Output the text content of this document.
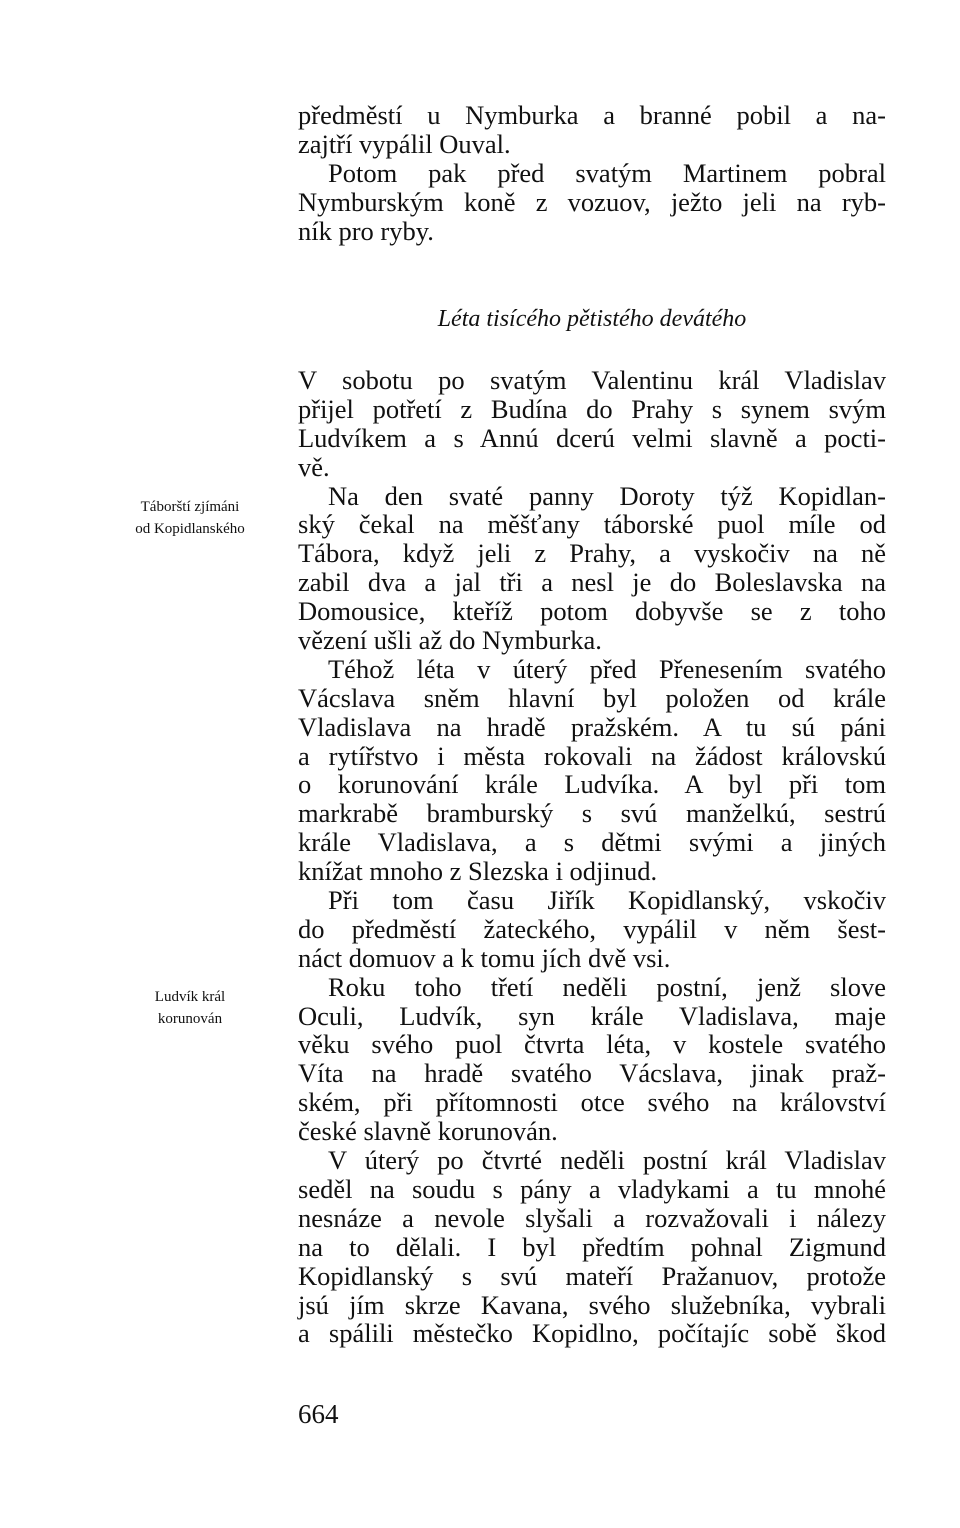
předměstí u Nymburka a branné pobil a na-
zajtří vypálil Ouval.
Potom pak před svatým Martinem pobral
Nymburským koně z vozuov, ježto jeli na ryb-
ník pro ryby.
Léta tisícého pětistého devátého
V sobotu po svatým Valentinu král Vladislav
přijel potřetí z Budína do Prahy s synem svým
Ludvíkem a s Annú dcerú velmi slavně a pocti-
vě.
Na den svaté panny Doroty týž Kopidlan-
ský čekal na měšťany táborské puol míle od
Tábora, když jeli z Prahy, a vyskočiv na ně
zabil dva a jal tři a nesl je do Boleslavska na
Domousice, kteříž potom dobyvše se z toho
vězení ušli až do Nymburka.
Téhož léta v úterý před Přenesením svatého
Vácslava sněm hlavní byl položen od krále
Vladislava na hradě pražském. A tu sú páni
a rytířstvo i města rokovali na žádost královskú
o korunování krále Ludvíka. A byl při tom
markrabě bramburský s svú manželkú, sestrú
krále Vladislava, a s dětmi svými a jiných
knížat mnoho z Slezska i odjinud.
Při tom času Jiřík Kopidlanský, vskočiv
do předměstí žateckého, vypálil v něm šest-
náct domuov a k tomu jích dvě vsi.
Roku toho třetí neděli postní, jenž slove
Oculi, Ludvík, syn krále Vladislava, maje
věku svého puol čtvrta léta, v kostele svatého
Víta na hradě svatého Vácslava, jinak praž-
ském, při přítomnosti otce svého na království
české slavně korunován.
V úterý po čtvrté neděli postní král Vladislav
seděl na soudu s pány a vladykami a tu mnohé
nesnáze a nevole slyšali a rozvažovali i nálezy
na to dělali. I byl předtím pohnal Zigmund
Kopidlanský s svú mateří Pražanuov, protože
jsú jím skrze Kavana, svého služebníka, vybrali
a spálili městečko Kopidlno, počítajíc sobě škod
Táborští zjímáni
od Kopidlanského
Ludvík král
korunován
664
